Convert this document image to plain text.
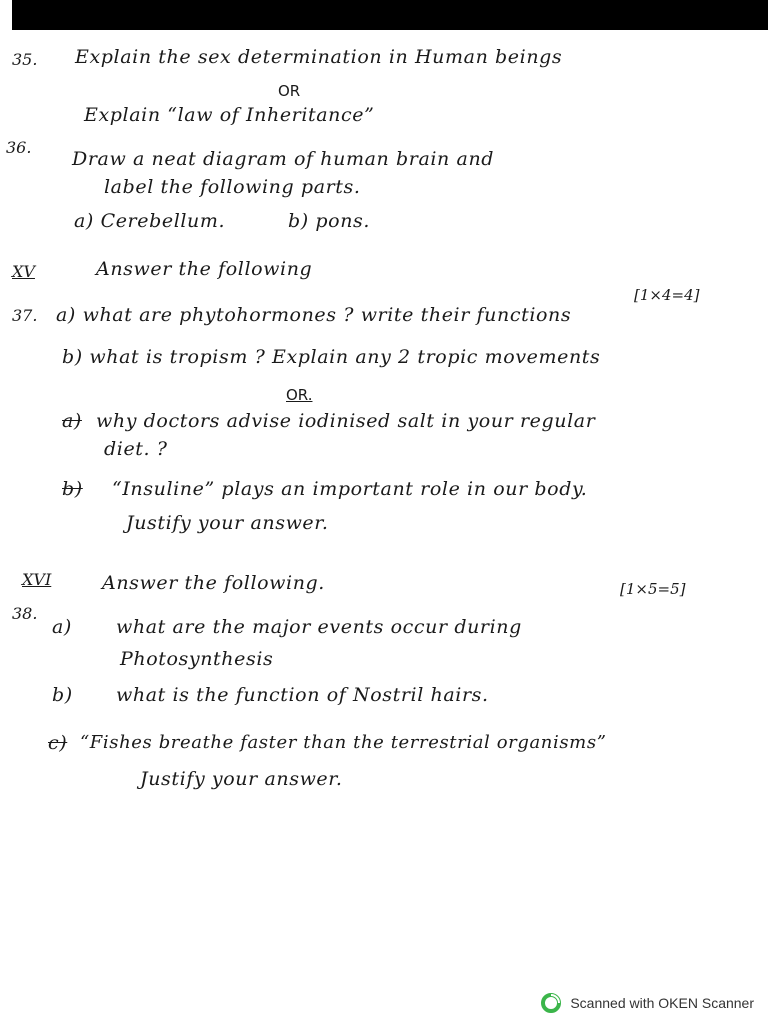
35. Explain the sex determination in Human beings
OR
Explain “law of Inheritance”
36.
Draw a neat diagram of human brain and
label the following parts.
a) Cerebellum.	b) pons.
XV	Answer the following
[1×4=4]
37. a) what are phytohormones ? write their functions
b) what is tropism ? Explain any 2 tropic movements
OR.
a) why doctors advise iodinised salt in your regular
diet. ?
b) “Insuline” plays an important role in our body.
Justify your answer.
XVI	Answer the following.	[1×5=5]
38.
a) what are the major events occur during
Photosynthesis
b) what is the function of Nostril hairs.
c) “Fishes breathe faster than the terrestrial organisms”
Justify your answer.
Scanned with OKEN Scanner
